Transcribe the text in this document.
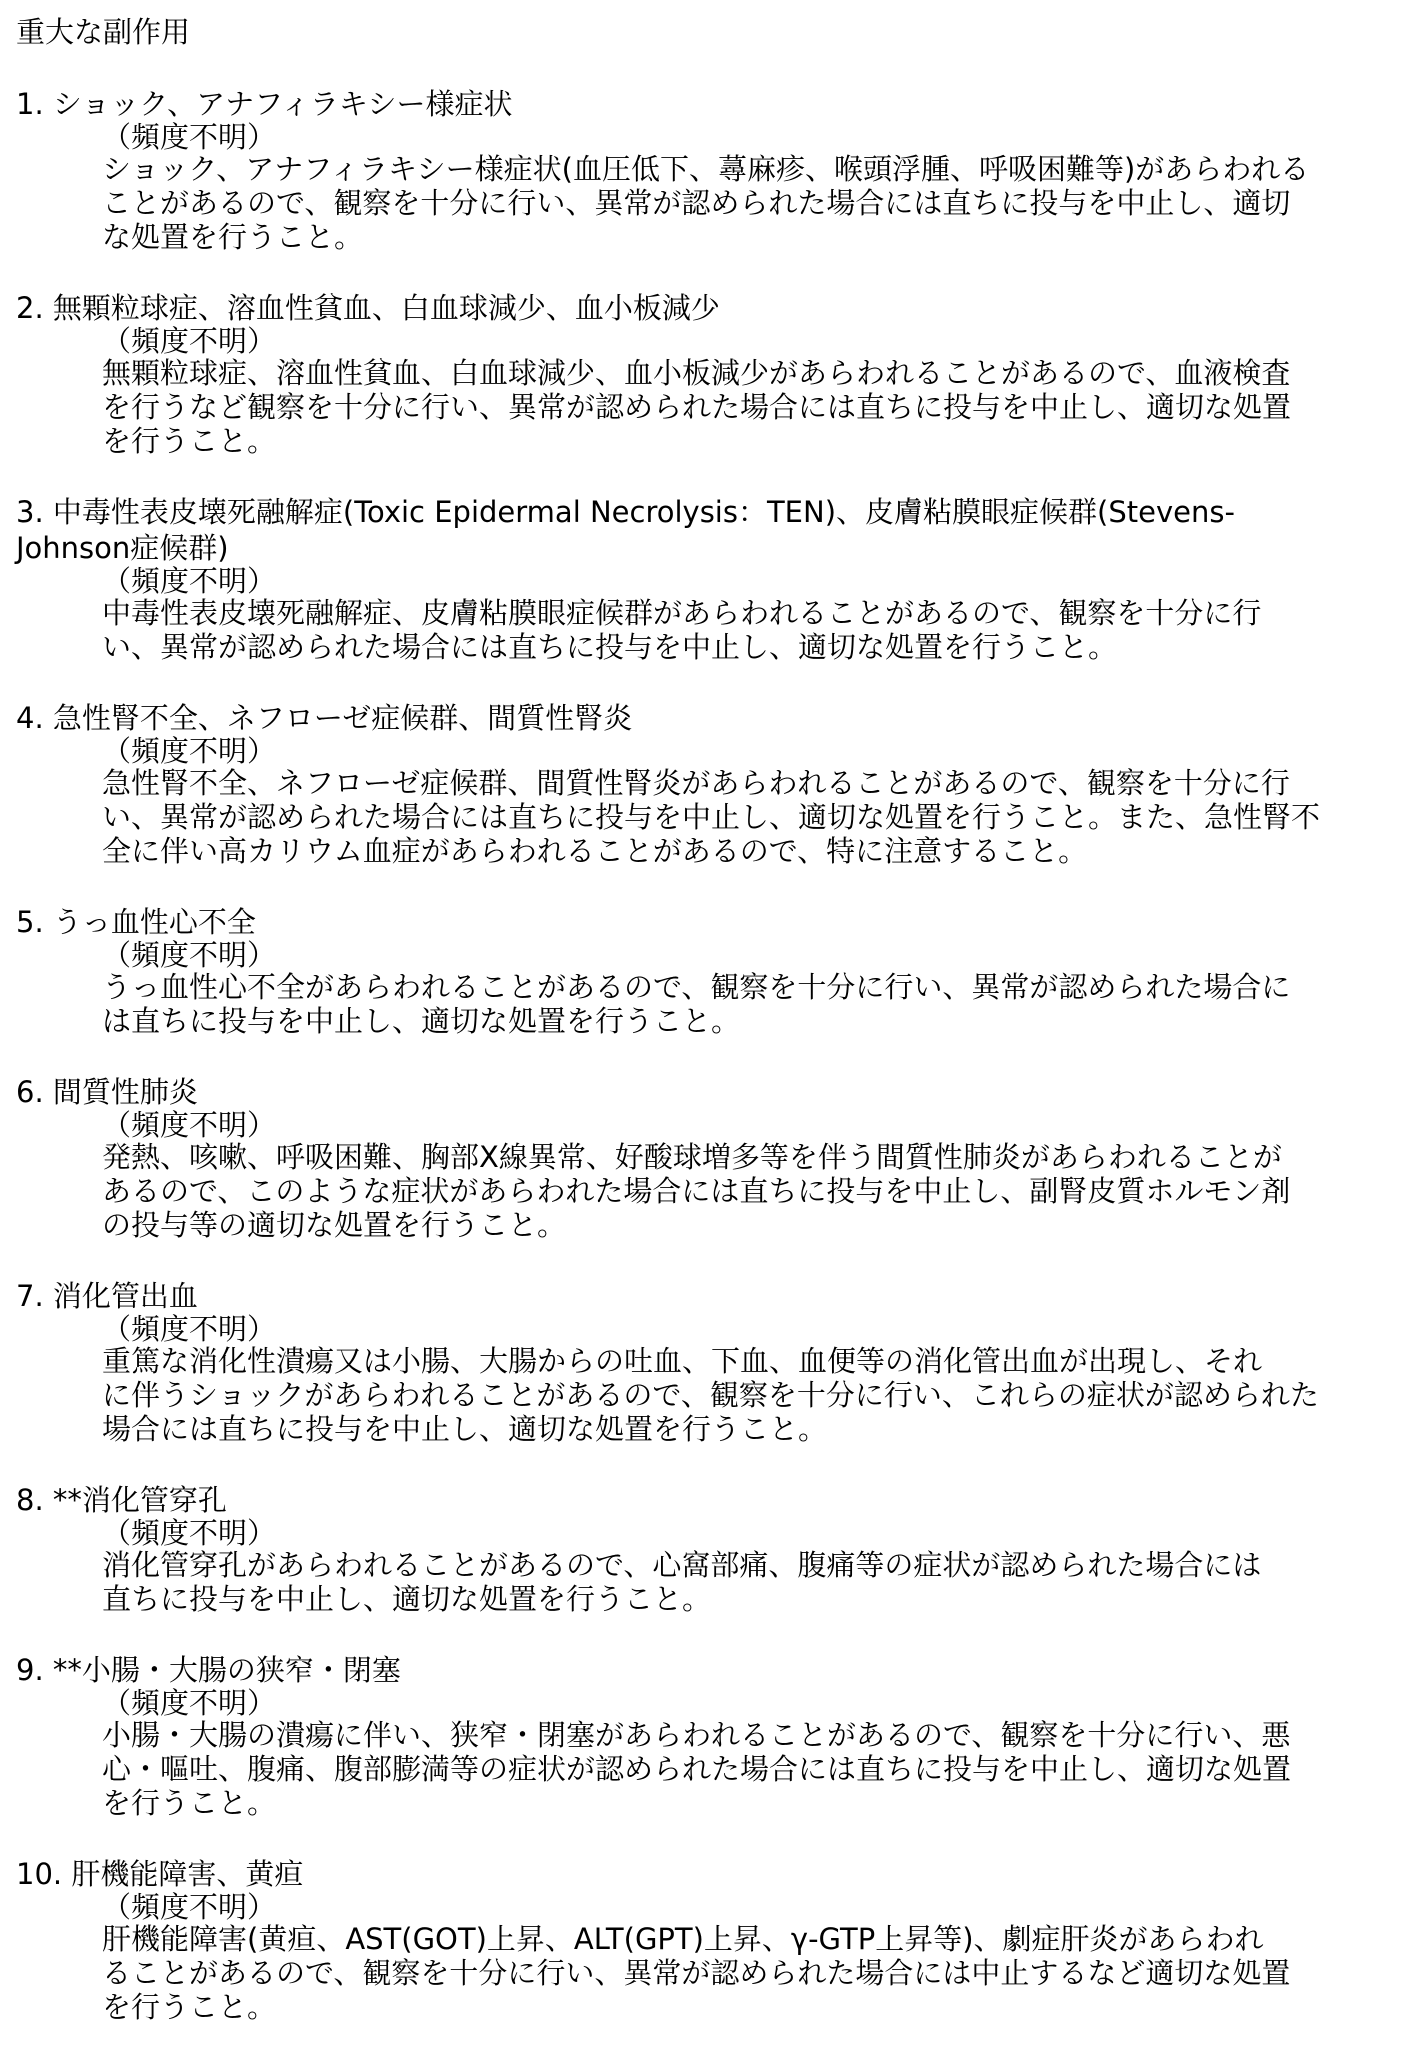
重大な副作用

1. ショック、アナフィラキシー様症状

（頻度不明）

ショック、アナフィラキシー様症状(血圧低下、蕁麻疹、喉頭浮腫、呼吸困難等)があらわれる
ことがあるので、観察を十分に行い、異常が認められた場合には直ちに投与を中止し、適切
な処置を行うこと。

2. 無顆粒球症、溶血性貧血、白血球減少、血小板減少

（頻度不明）

無顆粒球症、溶血性貧血、白血球減少、血小板減少があらわれることがあるので、血液検査
を行うなど観察を十分に行い、異常が認められた場合には直ちに投与を中止し、適切な処置
を行うこと。

3. 中毒性表皮壊死融解症(Toxic Epidermal Necrolysis：TEN)、皮膚粘膜眼症候群(Stevens-
Johnson症候群)

（頻度不明）

中毒性表皮壊死融解症、皮膚粘膜眼症候群があらわれることがあるので、観察を十分に行
い、異常が認められた場合には直ちに投与を中止し、適切な処置を行うこと。

4. 急性腎不全、ネフローゼ症候群、間質性腎炎

（頻度不明）

急性腎不全、ネフローゼ症候群、間質性腎炎があらわれることがあるので、観察を十分に行
い、異常が認められた場合には直ちに投与を中止し、適切な処置を行うこと。また、急性腎不
全に伴い高カリウム血症があらわれることがあるので、特に注意すること。

5. うっ血性心不全

（頻度不明）

うっ血性心不全があらわれることがあるので、観察を十分に行い、異常が認められた場合に
は直ちに投与を中止し、適切な処置を行うこと。

6. 間質性肺炎

（頻度不明）

発熱、咳嗽、呼吸困難、胸部X線異常、好酸球増多等を伴う間質性肺炎があらわれることが
あるので、このような症状があらわれた場合には直ちに投与を中止し、副腎皮質ホルモン剤
の投与等の適切な処置を行うこと。

7. 消化管出血

（頻度不明）

重篤な消化性潰瘍又は小腸、大腸からの吐血、下血、血便等の消化管出血が出現し、それ
に伴うショックがあらわれることがあるので、観察を十分に行い、これらの症状が認められた
場合には直ちに投与を中止し、適切な処置を行うこと。

8. **消化管穿孔

（頻度不明）

消化管穿孔があらわれることがあるので、心窩部痛、腹痛等の症状が認められた場合には
直ちに投与を中止し、適切な処置を行うこと。

9. **小腸・大腸の狭窄・閉塞

（頻度不明）

小腸・大腸の潰瘍に伴い、狭窄・閉塞があらわれることがあるので、観察を十分に行い、悪
心・嘔吐、腹痛、腹部膨満等の症状が認められた場合には直ちに投与を中止し、適切な処置
を行うこと。

10. 肝機能障害、黄疸

（頻度不明）

肝機能障害(黄疸、AST(GOT)上昇、ALT(GPT)上昇、γ-GTP上昇等)、劇症肝炎があらわれ
ることがあるので、観察を十分に行い、異常が認められた場合には中止するなど適切な処置
を行うこと。
